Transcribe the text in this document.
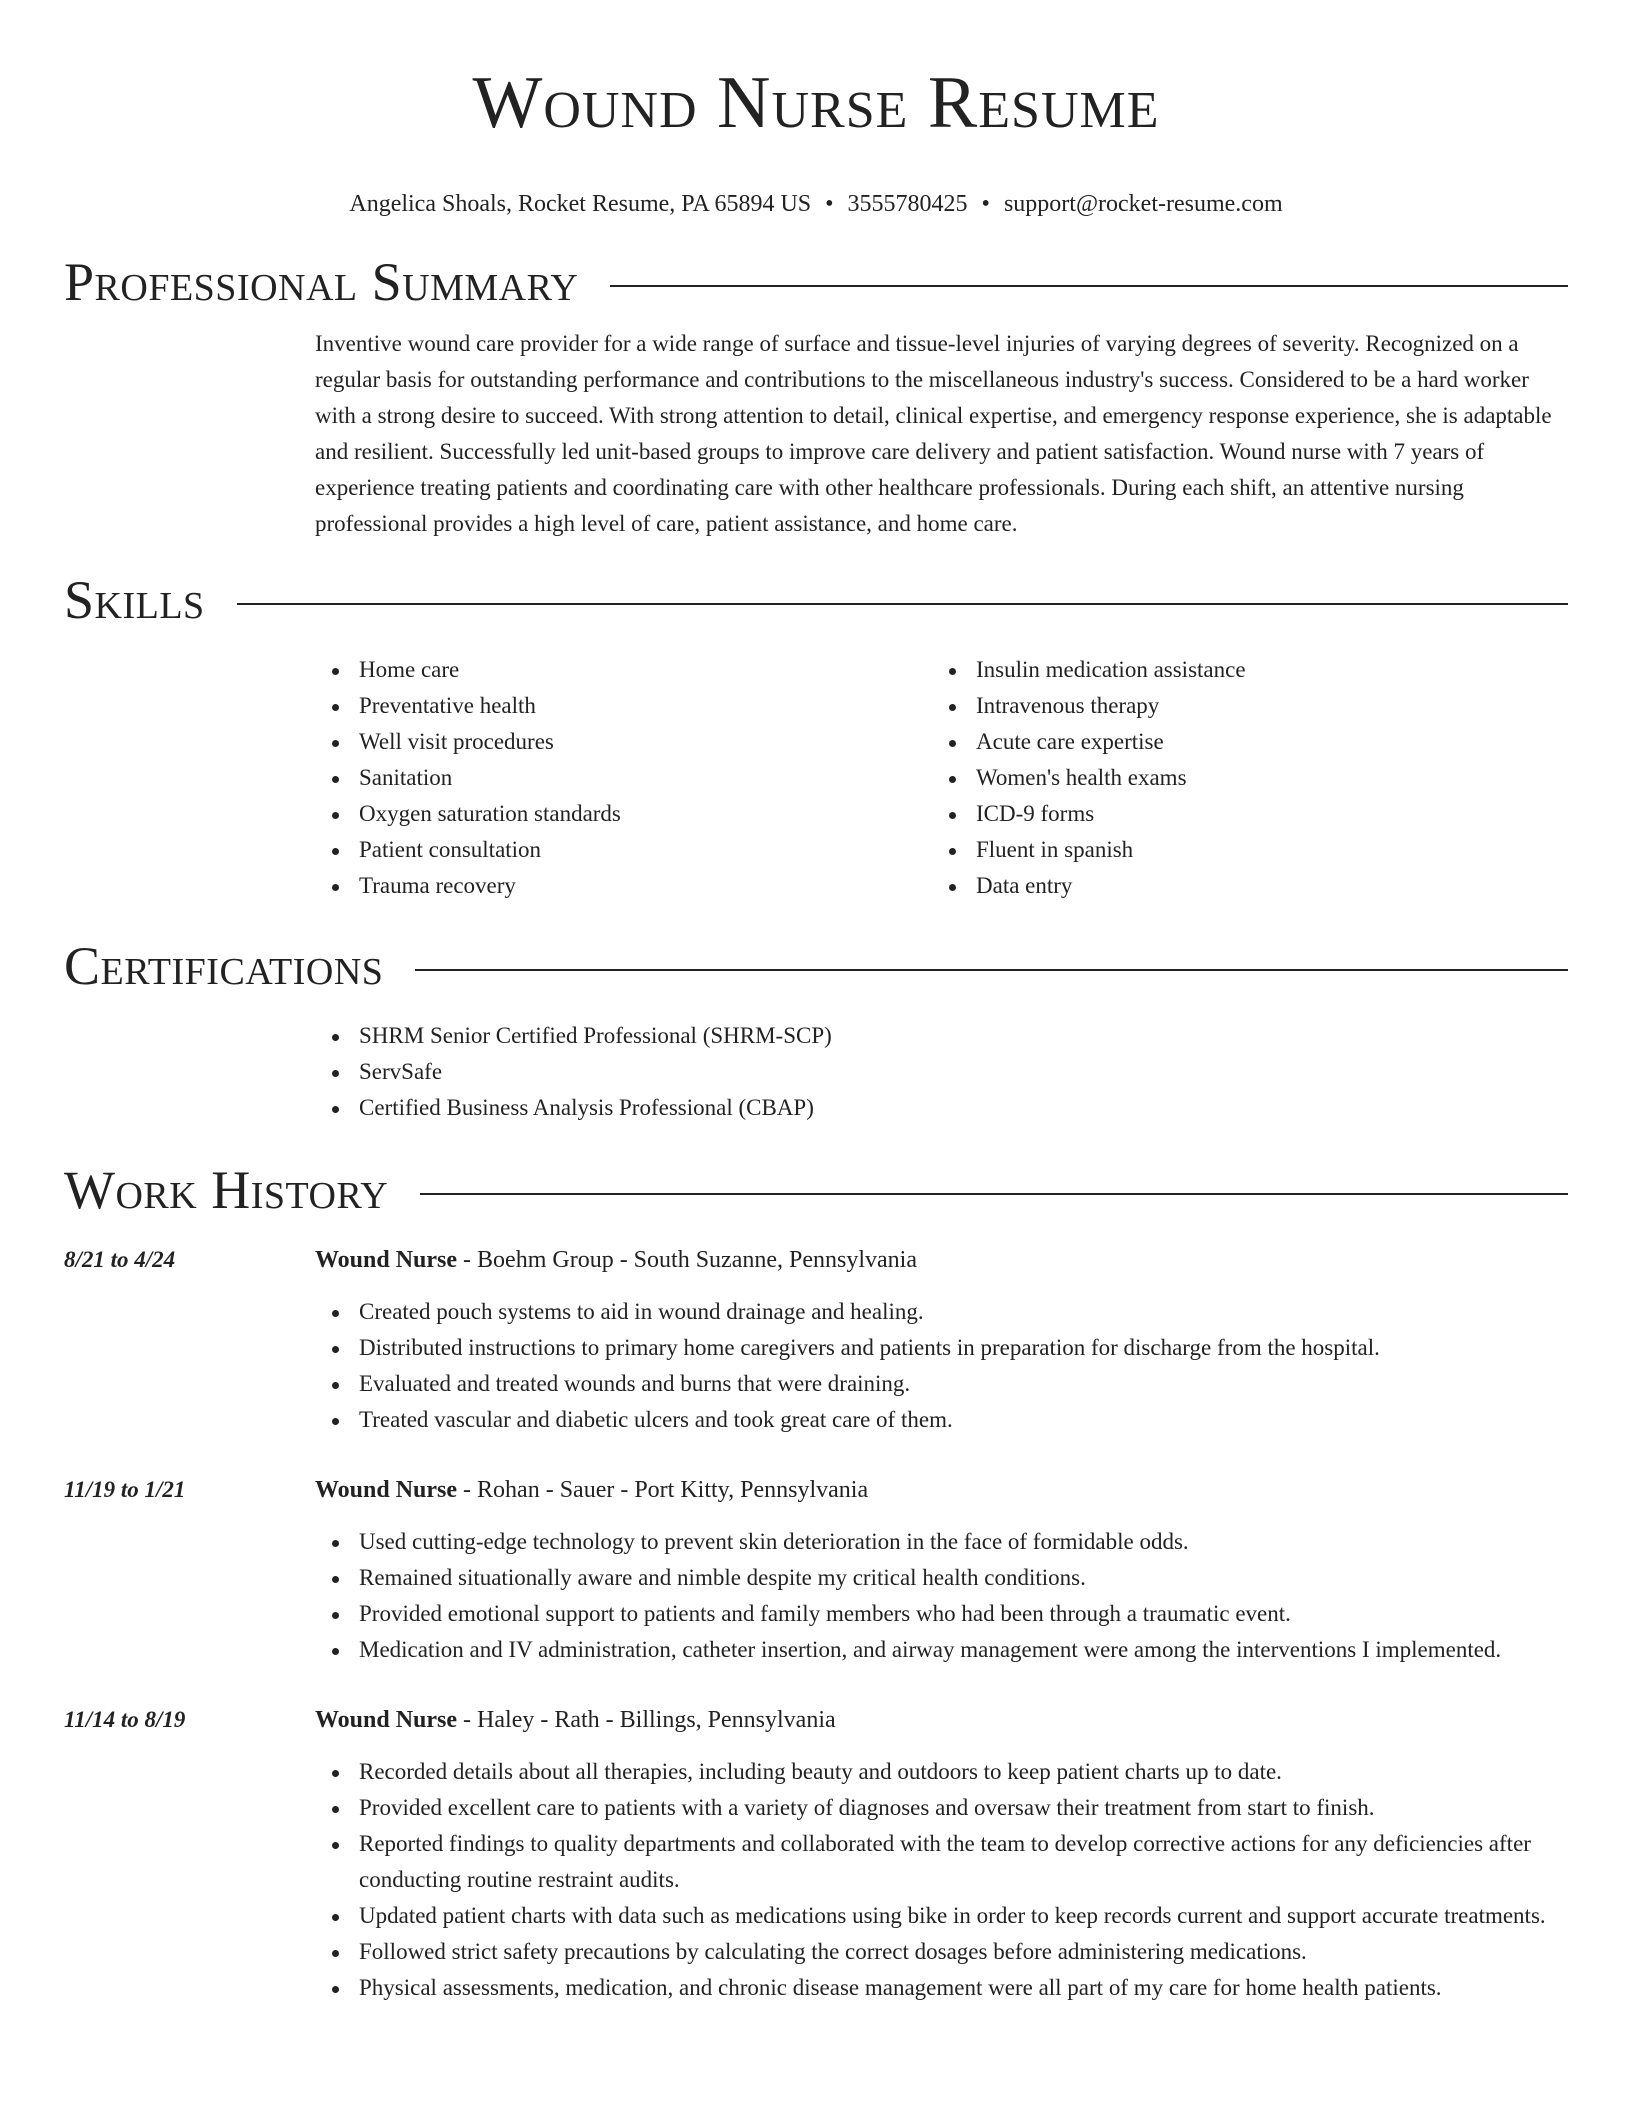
Wound Nurse Resume
Angelica Shoals, Rocket Resume, PA 65894 US • 3555780425 • support@rocket-resume.com
Professional Summary

Inventive wound care provider for a wide range of surface and tissue-level injuries of varying degrees of severity. Recognized on a regular basis for outstanding performance and contributions to the miscellaneous industry's success. Considered to be a hard worker with a strong desire to succeed. With strong attention to detail, clinical expertise, and emergency response experience, she is adaptable and resilient. Successfully led unit-based groups to improve care delivery and patient satisfaction. Wound nurse with 7 years of experience treating patients and coordinating care with other healthcare professionals. During each shift, an attentive nursing professional provides a high level of care, patient assistance, and home care.

Skills
Home care
Preventative health
Well visit procedures
Sanitation
Oxygen saturation standards
Patient consultation
Trauma recovery
Insulin medication assistance
Intravenous therapy
Acute care expertise
Women's health exams
ICD-9 forms
Fluent in spanish
Data entry
Certifications
SHRM Senior Certified Professional (SHRM-SCP)
ServSafe
Certified Business Analysis Professional (CBAP)
Work History
8/21 to 4/24	Wound Nurse - Boehm Group - South Suzanne, Pennsylvania
Created pouch systems to aid in wound drainage and healing.
Distributed instructions to primary home caregivers and patients in preparation for discharge from the hospital.
Evaluated and treated wounds and burns that were draining.
Treated vascular and diabetic ulcers and took great care of them.
11/19 to 1/21	Wound Nurse - Rohan - Sauer - Port Kitty, Pennsylvania
Used cutting-edge technology to prevent skin deterioration in the face of formidable odds.
Remained situationally aware and nimble despite my critical health conditions.
Provided emotional support to patients and family members who had been through a traumatic event.
Medication and IV administration, catheter insertion, and airway management were among the interventions I implemented.
11/14 to 8/19	Wound Nurse - Haley - Rath - Billings, Pennsylvania
Recorded details about all therapies, including beauty and outdoors to keep patient charts up to date.
Provided excellent care to patients with a variety of diagnoses and oversaw their treatment from start to finish.
Reported findings to quality departments and collaborated with the team to develop corrective actions for any deficiencies after conducting routine restraint audits.
Updated patient charts with data such as medications using bike in order to keep records current and support accurate treatments.
Followed strict safety precautions by calculating the correct dosages before administering medications.
Physical assessments, medication, and chronic disease management were all part of my care for home health patients.
